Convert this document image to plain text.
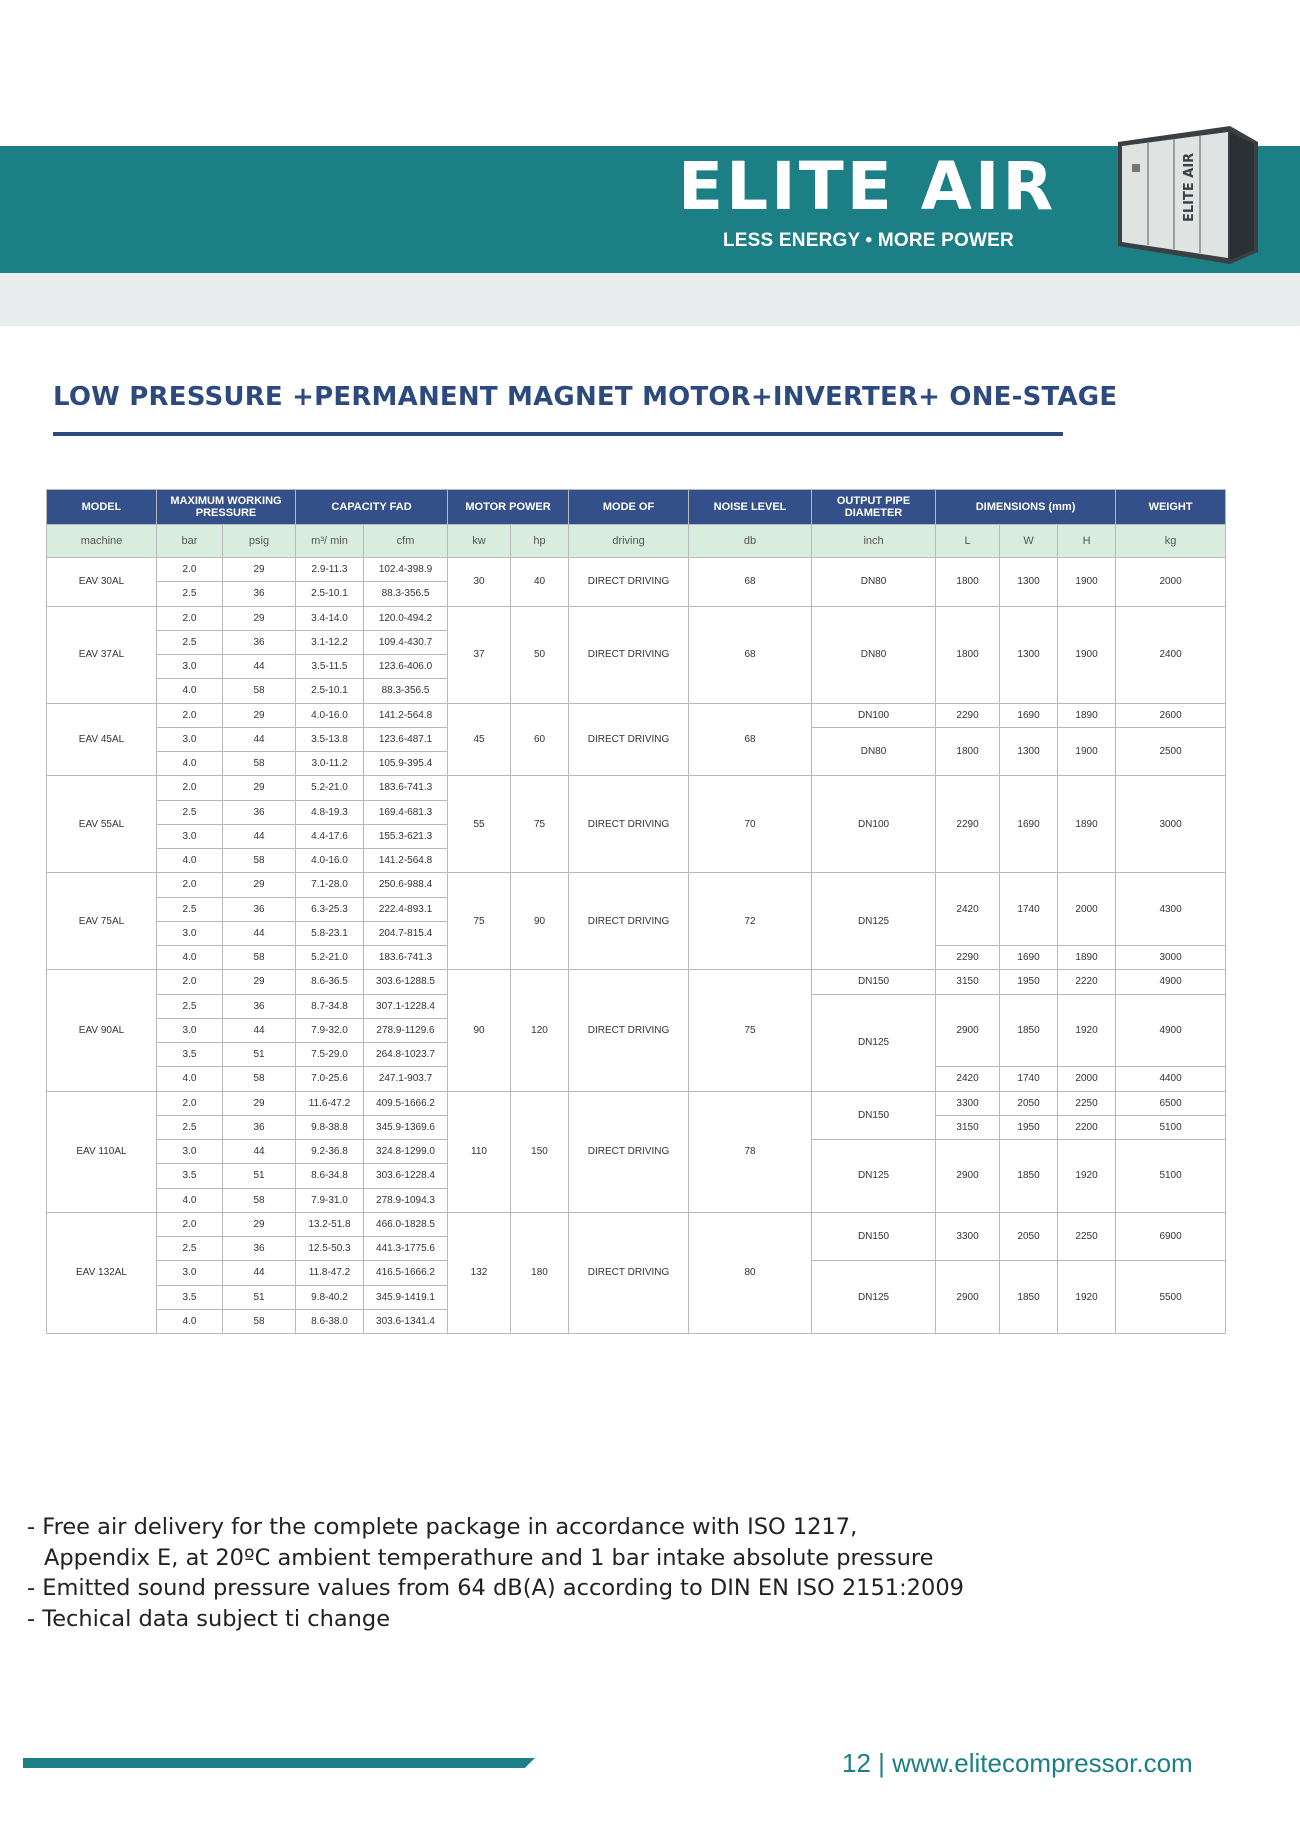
ELITE AIR
LESS ENERGY • MORE POWER
ELITE AIR
LOW PRESSURE +PERMANENT MAGNET MOTOR+INVERTER+ ONE-STAGE
MODEL	MAXIMUM WORKING PRESSURE		CAPACITY FAD		MOTOR POWER		MODE OF	NOISE LEVEL	OUTPUT PIPE DIAMETER	DIMENSIONS (mm)			WEIGHT
machine	bar	psig	m³/ min	cfm	kw	hp	driving	db	inch	L	W	H	kg
EAV 30AL	2.0	29	2.9-11.3	102.4-398.9	30	40	DIRECT DRIVING	68	DN80	1800	1300	1900	2000
	2.5	36	2.5-10.1	88.3-356.5									
EAV 37AL	2.0	29	3.4-14.0	120.0-494.2	37	50	DIRECT DRIVING	68	DN80	1800	1300	1900	2400
	2.5	36	3.1-12.2	109.4-430.7									
	3.0	44	3.5-11.5	123.6-406.0									
	4.0	58	2.5-10.1	88.3-356.5									
EAV 45AL	2.0	29	4.0-16.0	141.2-564.8	45	60	DIRECT DRIVING	68	DN100	2290	1690	1890	2600
	3.0	44	3.5-13.8	123.6-487.1					DN80	1800	1300	1900	2500
	4.0	58	3.0-11.2	105.9-395.4									
EAV 55AL	2.0	29	5.2-21.0	183.6-741.3	55	75	DIRECT DRIVING	70	DN100	2290	1690	1890	3000
	2.5	36	4.8-19.3	169.4-681.3									
	3.0	44	4.4-17.6	155.3-621.3									
	4.0	58	4.0-16.0	141.2-564.8									
EAV 75AL	2.0	29	7.1-28.0	250.6-988.4	75	90	DIRECT DRIVING	72	DN125	2420	1740	2000	4300
	2.5	36	6.3-25.3	222.4-893.1									
	3.0	44	5.8-23.1	204.7-815.4									
	4.0	58	5.2-21.0	183.6-741.3						2290	1690	1890	3000
EAV 90AL	2.0	29	8.6-36.5	303.6-1288.5	90	120	DIRECT DRIVING	75	DN150	3150	1950	2220	4900
	2.5	36	8.7-34.8	307.1-1228.4					DN125	2900	1850	1920	4900
	3.0	44	7.9-32.0	278.9-1129.6									
	3.5	51	7.5-29.0	264.8-1023.7									
	4.0	58	7.0-25.6	247.1-903.7						2420	1740	2000	4400
EAV 110AL	2.0	29	11.6-47.2	409.5-1666.2	110	150	DIRECT DRIVING	78	DN150	3300	2050	2250	6500
	2.5	36	9.8-38.8	345.9-1369.6						3150	1950	2200	5100
	3.0	44	9.2-36.8	324.8-1299.0					DN125	2900	1850	1920	5100
	3.5	51	8.6-34.8	303.6-1228.4									
	4.0	58	7.9-31.0	278.9-1094.3									
EAV 132AL	2.0	29	13.2-51.8	466.0-1828.5	132	180	DIRECT DRIVING	80	DN150	3300	2050	2250	6900
	2.5	36	12.5-50.3	441.3-1775.6									
	3.0	44	11.8-47.2	416.5-1666.2					DN125	2900	1850	1920	5500
	3.5	51	9.8-40.2	345.9-1419.1									
	4.0	58	8.6-38.0	303.6-1341.4									
- Free air delivery for the complete package in accordance with ISO 1217,
Appendix E, at 20ºC ambient temperathure and 1 bar intake absolute pressure
- Emitted sound pressure values from 64 dB(A) according to DIN EN ISO 2151:2009
- Techical data subject ti change
12 | www.elitecompressor.com
